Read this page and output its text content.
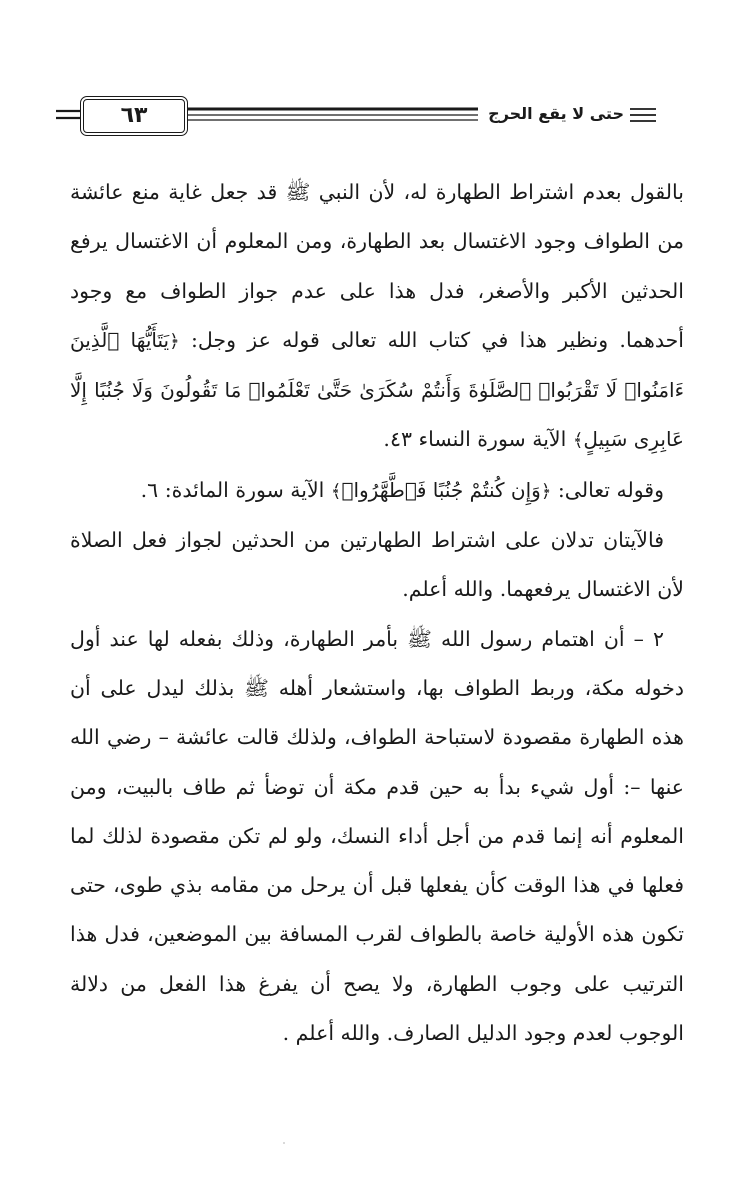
٦٣	حتى لا يقع الحرج

بالقول بعدم اشتراط الطهارة له، لأن النبي ﷺ قد جعل غاية منع عائشة من الطواف وجود الاغتسال بعد الطهارة، ومن المعلوم أن الاغتسال يرفع الحدثين الأكبر والأصغر، فدل هذا على عدم جواز الطواف مع وجود أحدهما. ونظير هذا في كتاب الله تعالى قوله عز وجل: ﴿يَتَأَيُّهَا ٱلَّذِينَ ءَامَنُوا۟ لَا تَقْرَبُوا۟ ٱلصَّلَوٰةَ وَأَنتُمْ سُكَرَىٰ حَتَّىٰ تَعْلَمُوا۟ مَا تَقُولُونَ وَلَا جُنُبًا إِلَّا عَابِرِى سَبِيلٍ﴾ الآية سورة النساء ٤٣.

وقوله تعالى: ﴿وَإِن كُنتُمْ جُنُبًا فَٱطَّهَّرُوا۟﴾ الآية سورة المائدة: ٦.

فالآيتان تدلان على اشتراط الطهارتين من الحدثين لجواز فعل الصلاة لأن الاغتسال يرفعهما. والله أعلم.

٢ – أن اهتمام رسول الله ﷺ بأمر الطهارة، وذلك بفعله لها عند أول دخوله مكة، وربط الطواف بها، واستشعار أهله ﷺ بذلك ليدل على أن هذه الطهارة مقصودة لاستباحة الطواف، ولذلك قالت عائشة – رضي الله عنها –: أول شيء بدأ به حين قدم مكة أن توضأ ثم طاف بالبيت، ومن المعلوم أنه إنما قدم من أجل أداء النسك، ولو لم تكن مقصودة لذلك لما فعلها في هذا الوقت كأن يفعلها قبل أن يرحل من مقامه بذي طوى، حتى تكون هذه الأولية خاصة بالطواف لقرب المسافة بين الموضعين، فدل هذا الترتيب على وجوب الطهارة، ولا يصح أن يفرغ هذا الفعل من دلالة الوجوب لعدم وجود الدليل الصارف. والله أعلم .
